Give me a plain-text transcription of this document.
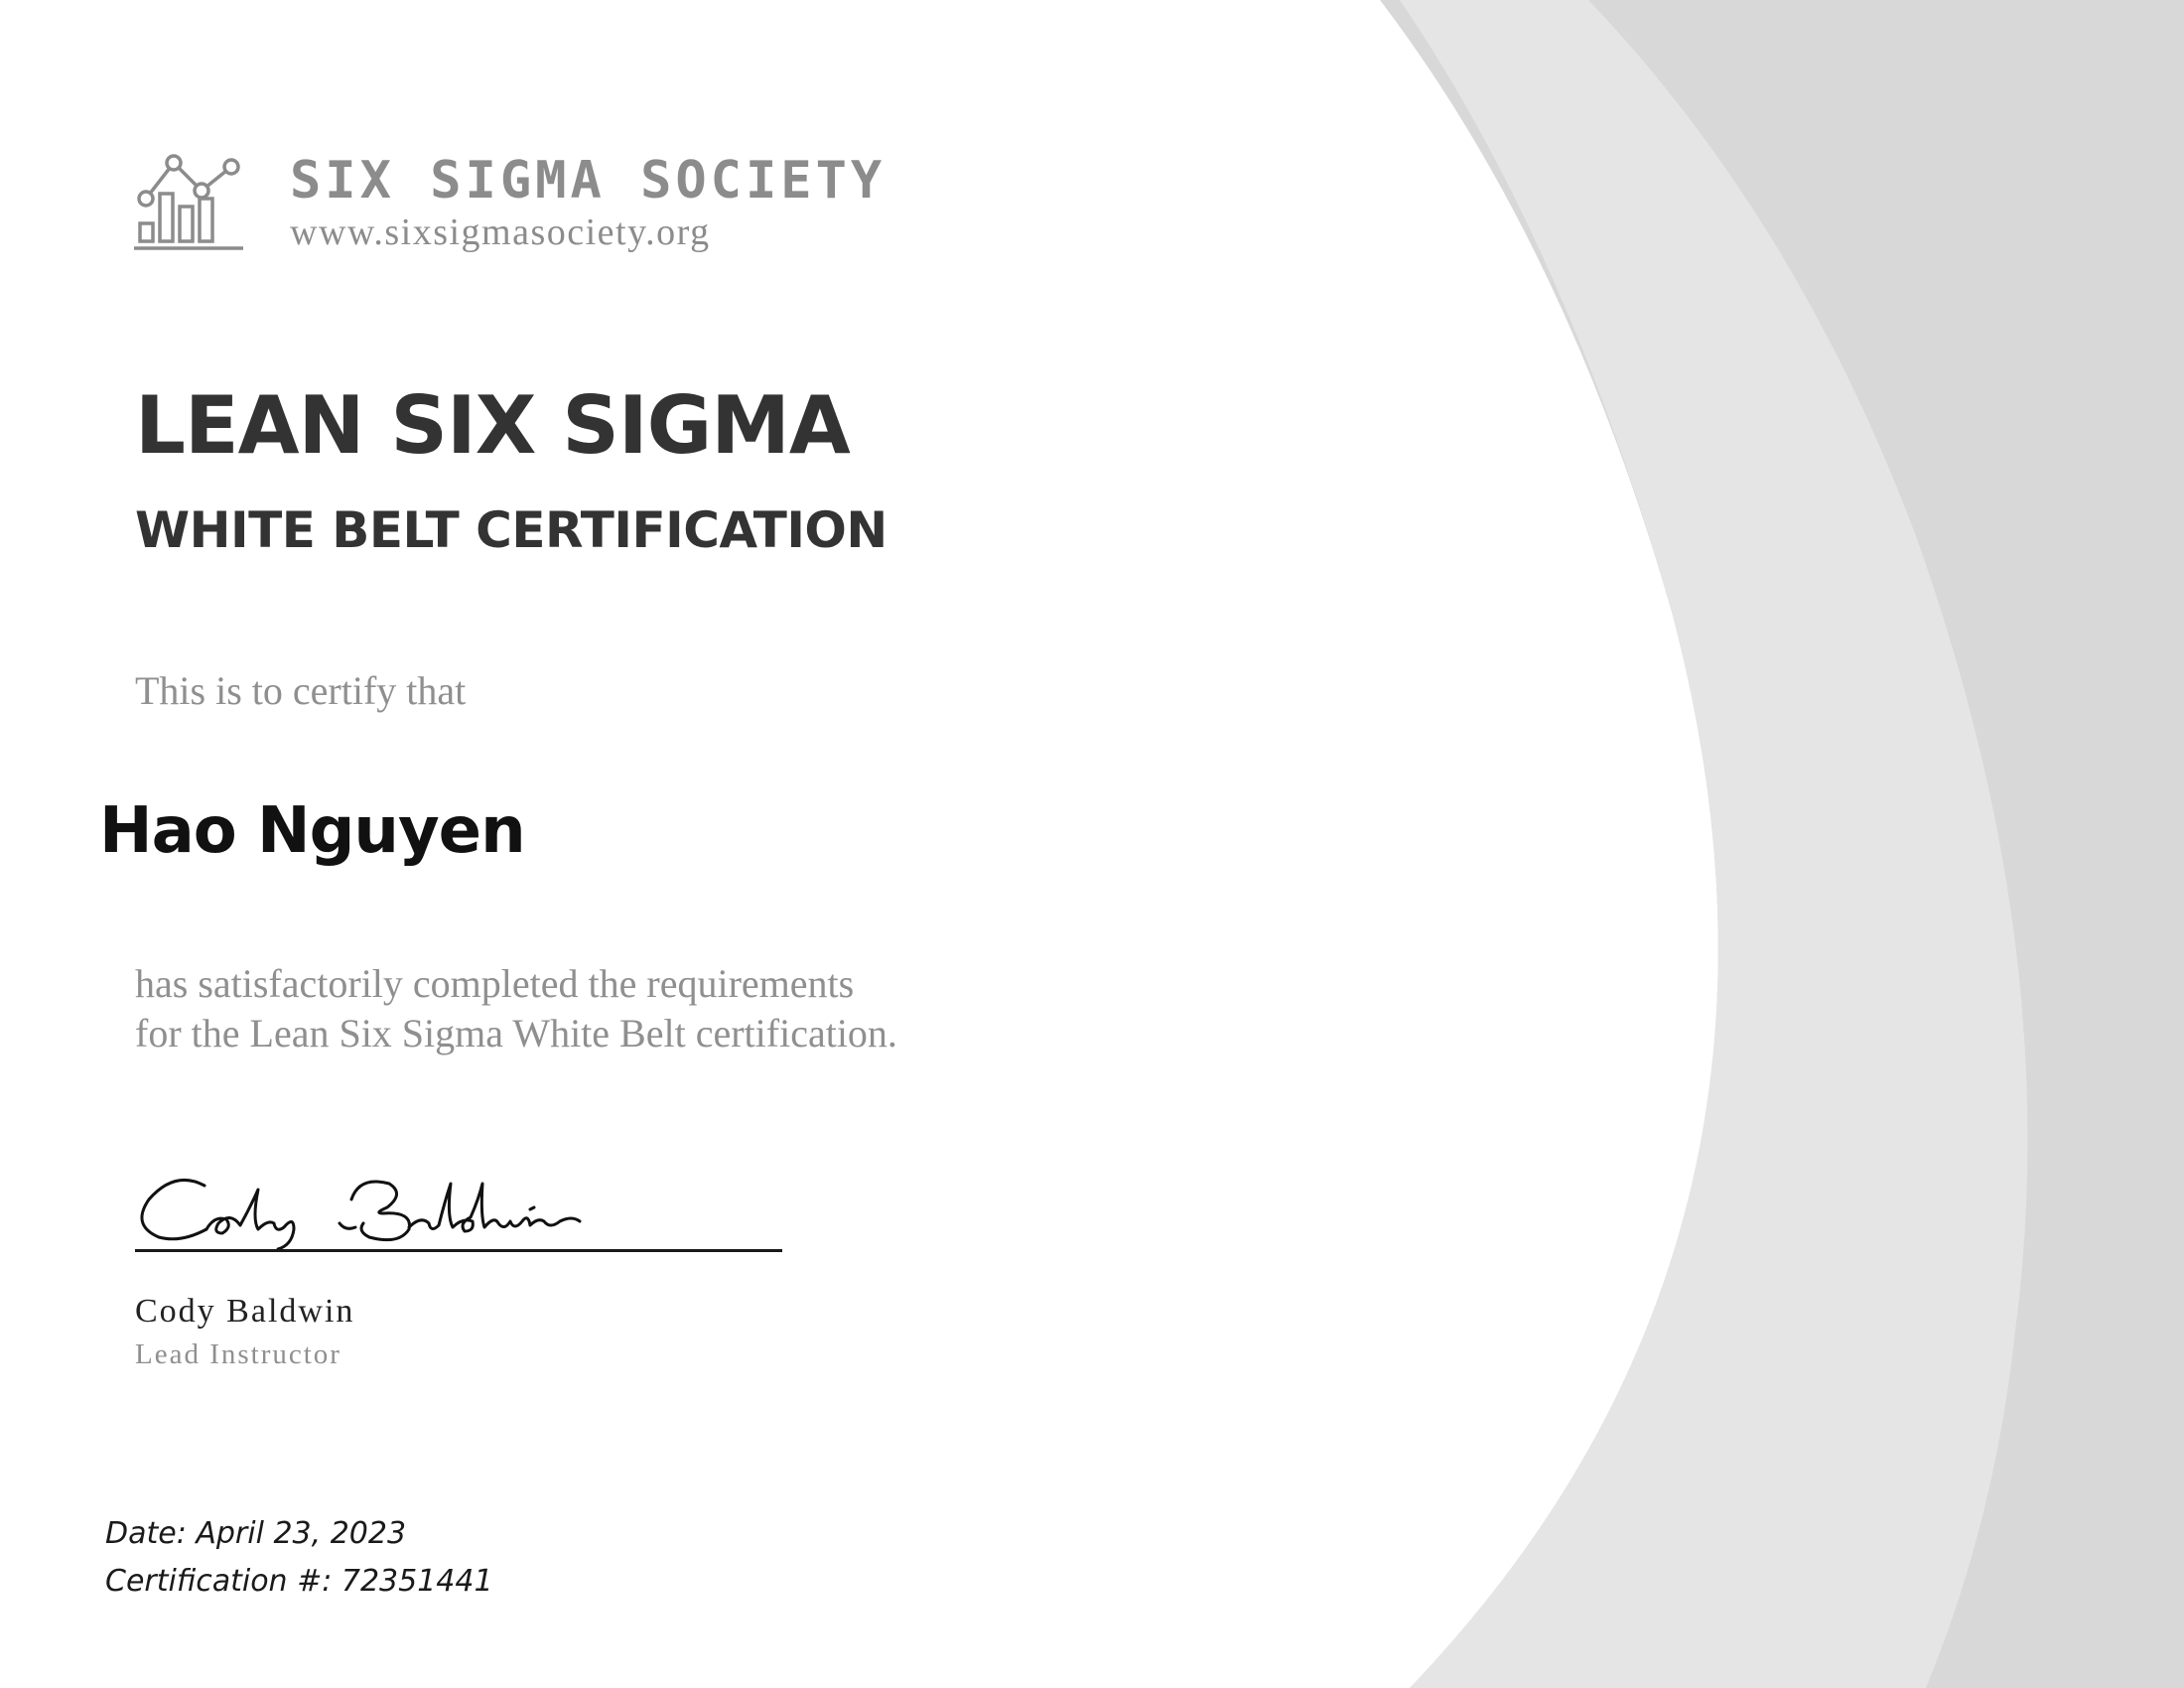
SIX SIGMA SOCIETY
www.sixsigmasociety.org
LEAN SIX SIGMA
WHITE BELT CERTIFICATION
This is to certify that
Hao Nguyen
has satisfactorily completed the requirements
for the Lean Six Sigma White Belt certification.
Cody Baldwin
Lead Instructor
Date: April 23, 2023
Certification #: 72351441
